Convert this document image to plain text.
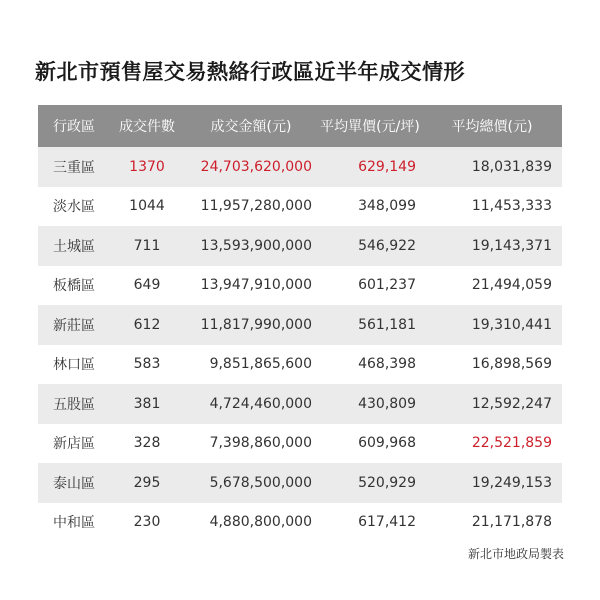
新北市預售屋交易熱絡行政區近半年成交情形
行政區	成交件數	成交金額(元)	平均單價(元/坪)	平均總價(元)
三重區	1370	24,703,620,000	629,149	18,031,839
淡水區	1044	11,957,280,000	348,099	11,453,333
土城區	711	13,593,900,000	546,922	19,143,371
板橋區	649	13,947,910,000	601,237	21,494,059
新莊區	612	11,817,990,000	561,181	19,310,441
林口區	583	9,851,865,600	468,398	16,898,569
五股區	381	4,724,460,000	430,809	12,592,247
新店區	328	7,398,860,000	609,968	22,521,859
泰山區	295	5,678,500,000	520,929	19,249,153
中和區	230	4,880,800,000	617,412	21,171,878
新北市地政局製表
